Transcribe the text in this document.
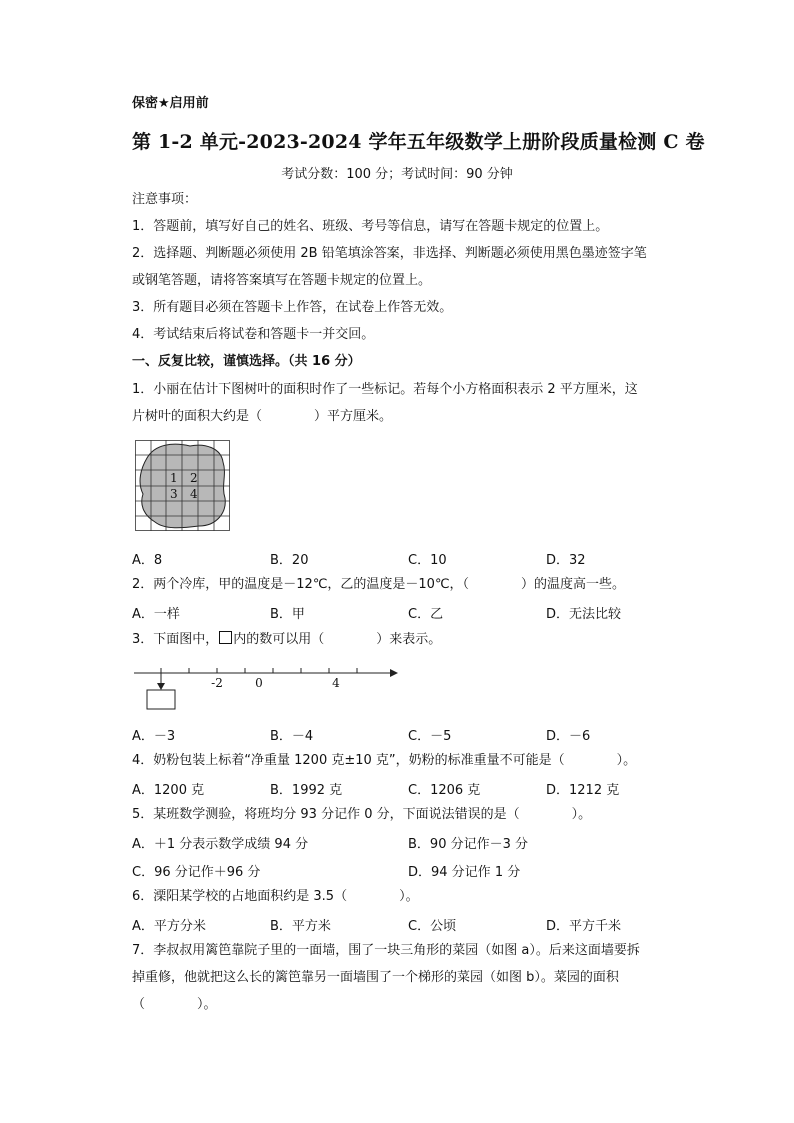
保密★启用前
第 1-2 单元-2023-2024 学年五年级数学上册阶段质量检测 C 卷
考试分数：100 分；考试时间：90 分钟
注意事项：
1．答题前，填写好自己的姓名、班级、考号等信息，请写在答题卡规定的位置上。
2．选择题、判断题必须使用 2B 铅笔填涂答案，非选择、判断题必须使用黑色墨迹签字笔
或钢笔答题，请将答案填写在答题卡规定的位置上。
3．所有题目必须在答题卡上作答，在试卷上作答无效。
4．考试结束后将试卷和答题卡一并交回。
一、反复比较，谨慎选择。（共 16 分）
1．小丽在估计下图树叶的面积时作了一些标记。若每个小方格面积表示 2 平方厘米，这
片树叶的面积大约是（　　　　）平方厘米。
1 2
3 4
A．8	B．20	C．10	D．32
2．两个冷库，甲的温度是－12℃，乙的温度是－10℃，（　　　　）的温度高一些。
A．一样	B．甲	C．乙	D．无法比较
3．下面图中， 内的数可以用（　　　　）来表示。
-2	0	4
A．－3	B．－4	C．－5	D．－6
4．奶粉包装上标着“净重量 1200 克±10 克”，奶粉的标准重量不可能是（　　　　）。
A．1200 克	B．1992 克	C．1206 克	D．1212 克
5．某班数学测验，将班均分 93 分记作 0 分，下面说法错误的是（　　　　）。
A．＋1 分表示数学成绩 94 分	B．90 分记作－3 分
C．96 分记作＋96 分	D．94 分记作 1 分
6．溧阳某学校的占地面积约是 3.5（　　　　）。
A．平方分米	B．平方米	C．公顷	D．平方千米
7．李叔叔用篱笆靠院子里的一面墙，围了一块三角形的菜园（如图 a）。后来这面墙要拆
掉重修，他就把这么长的篱笆靠另一面墙围了一个梯形的菜园（如图 b）。菜园的面积
（　　　　）。
